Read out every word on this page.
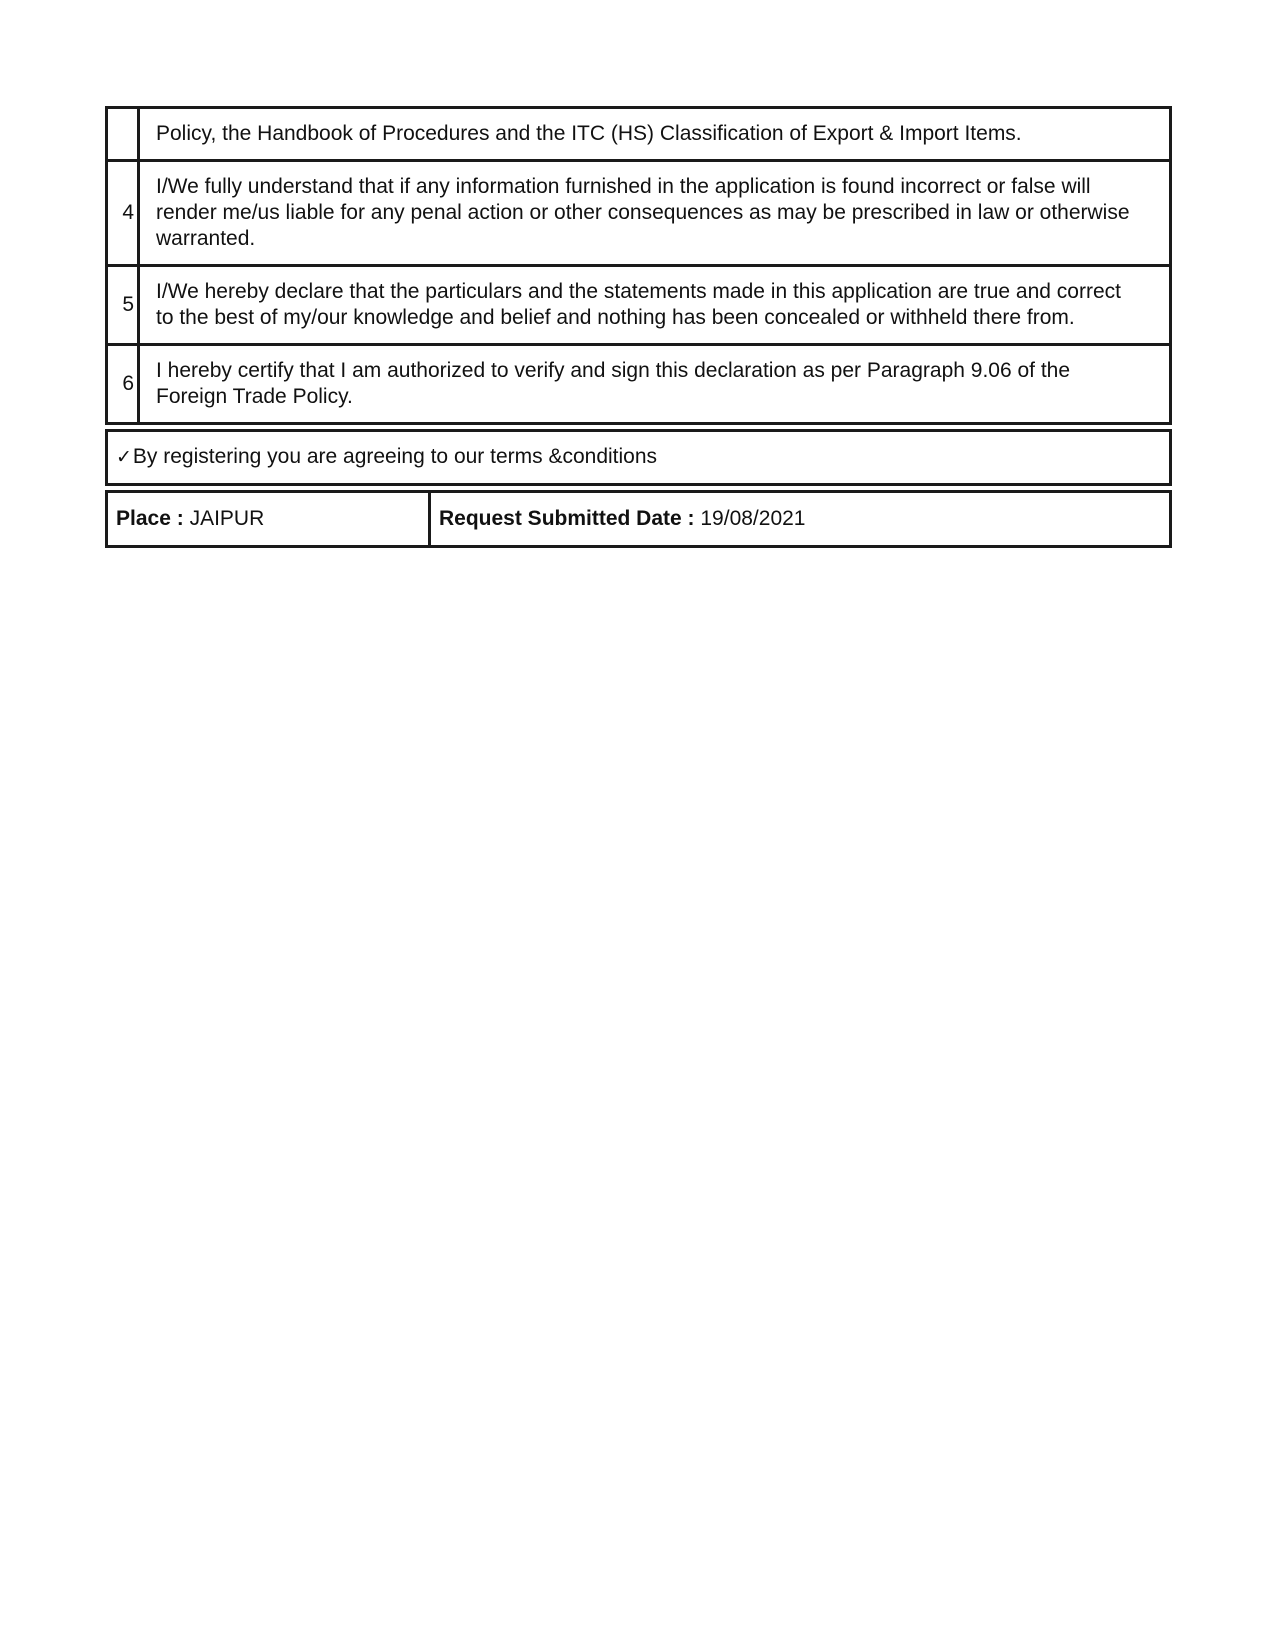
	Policy, the Handbook of Procedures and the ITC (HS) Classification of Export & Import Items.
4	I/We fully understand that if any information furnished in the application is found incorrect or false will render me/us liable for any penal action or other consequences as may be prescribed in law or otherwise warranted.
5	I/We hereby declare that the particulars and the statements made in this application are true and correct to the best of my/our knowledge and belief and nothing has been concealed or withheld there from.
6	I hereby certify that I am authorized to verify and sign this declaration as per Paragraph 9.06 of the Foreign Trade Policy.
✓By registering you are agreeing to our terms &conditions
Place : JAIPUR	Request Submitted Date : 19/08/2021
